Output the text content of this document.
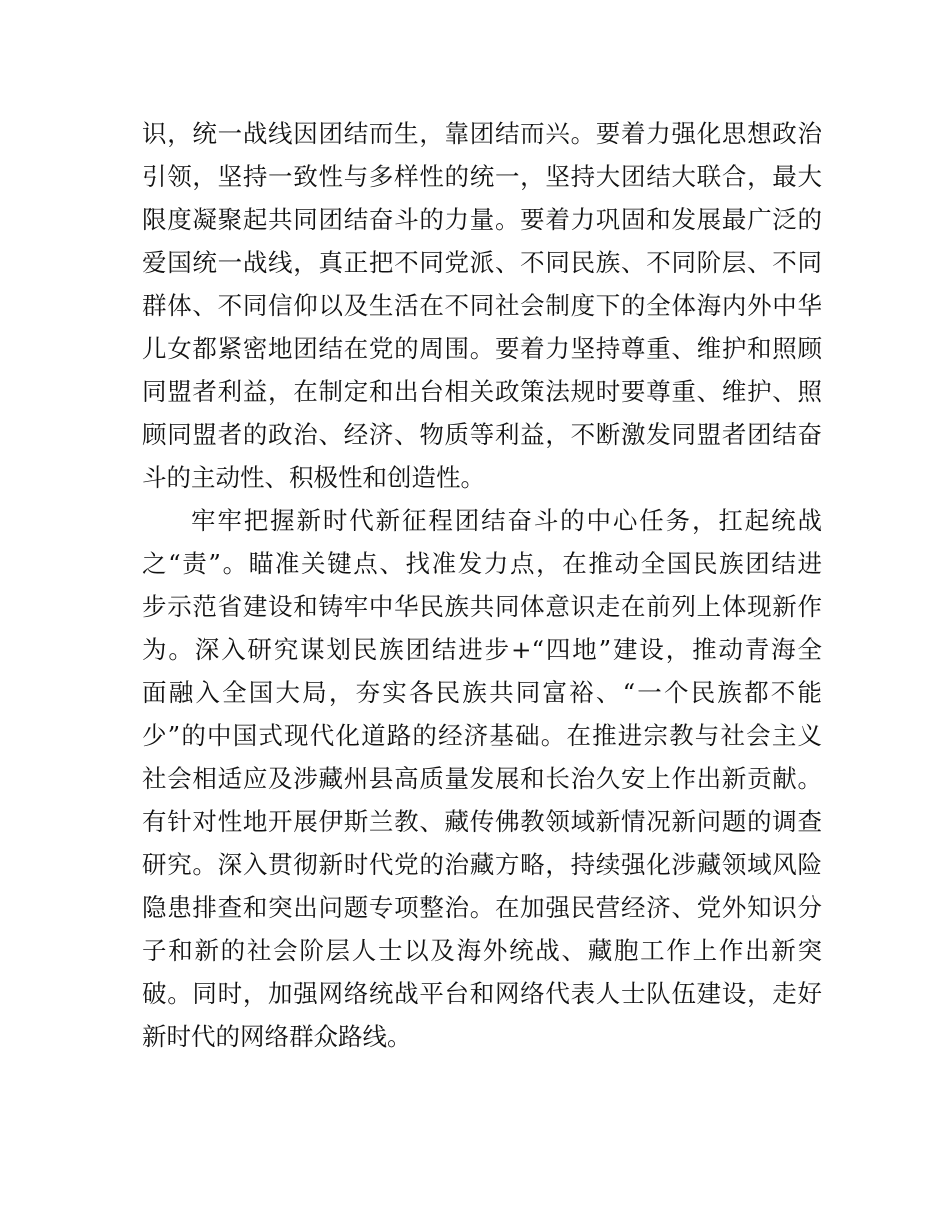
识，统一战线因团结而生，靠团结而兴。要着力强化思想政治
引领，坚持一致性与多样性的统一，坚持大团结大联合，最大
限度凝聚起共同团结奋斗的力量。要着力巩固和发展最广泛的
爱国统一战线，真正把不同党派、不同民族、不同阶层、不同
群体、不同信仰以及生活在不同社会制度下的全体海内外中华
儿女都紧密地团结在党的周围。要着力坚持尊重、维护和照顾
同盟者利益，在制定和出台相关政策法规时要尊重、维护、照
顾同盟者的政治、经济、物质等利益，不断激发同盟者团结奋
斗的主动性、积极性和创造性。
牢牢把握新时代新征程团结奋斗的中心任务，扛起统战
之“责”。瞄准关键点、找准发力点，在推动全国民族团结进
步示范省建设和铸牢中华民族共同体意识走在前列上体现新作
为。深入研究谋划民族团结进步+“四地”建设，推动青海全
面融入全国大局，夯实各民族共同富裕、“一个民族都不能
少”的中国式现代化道路的经济基础。在推进宗教与社会主义
社会相适应及涉藏州县高质量发展和长治久安上作出新贡献。
有针对性地开展伊斯兰教、藏传佛教领域新情况新问题的调查
研究。深入贯彻新时代党的治藏方略，持续强化涉藏领域风险
隐患排查和突出问题专项整治。在加强民营经济、党外知识分
子和新的社会阶层人士以及海外统战、藏胞工作上作出新突
破。同时，加强网络统战平台和网络代表人士队伍建设，走好
新时代的网络群众路线。
